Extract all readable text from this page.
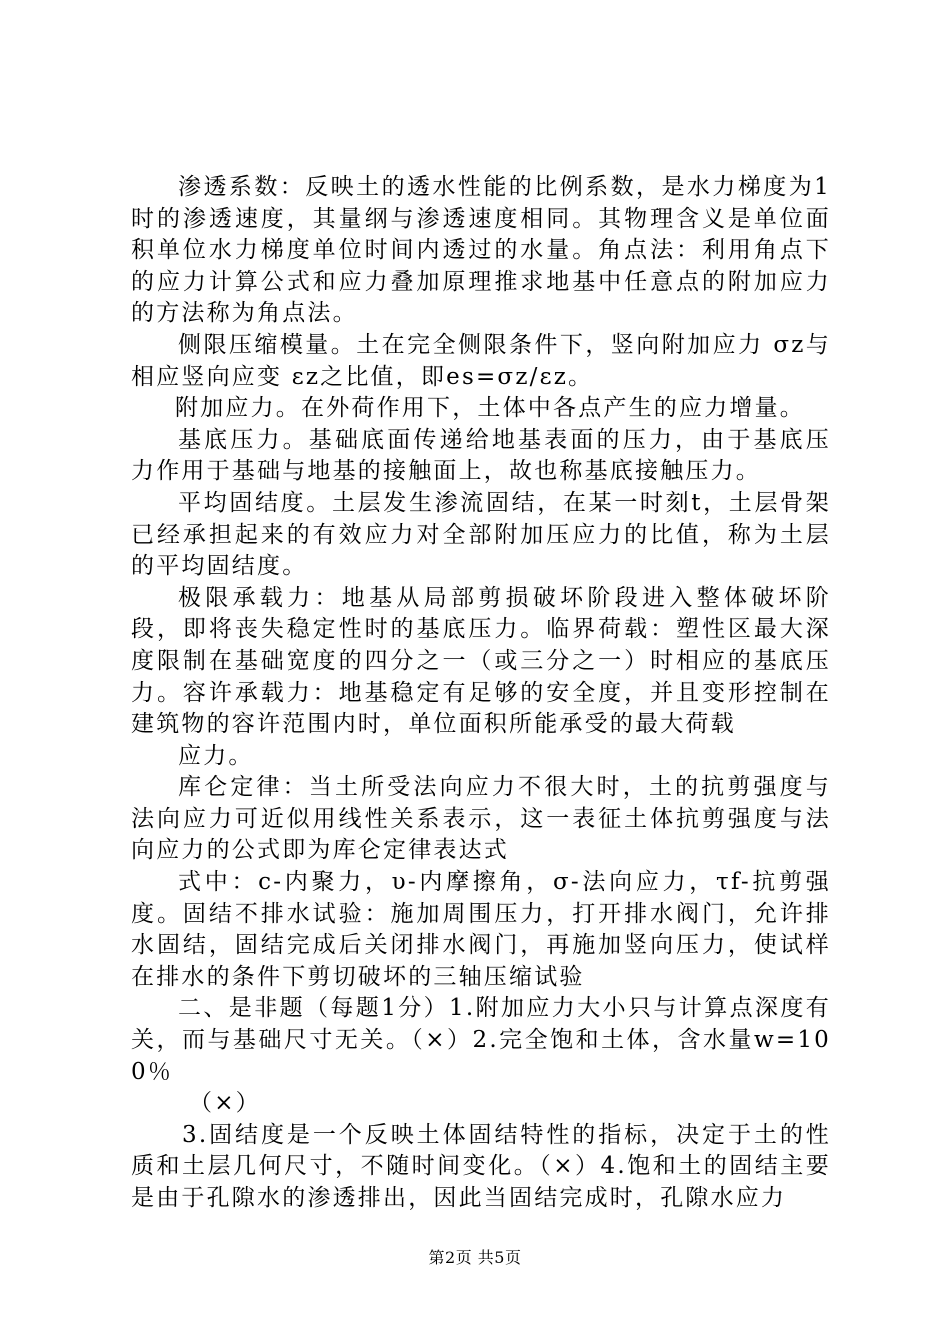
渗透系数：反映土的透水性能的比例系数，是水力梯度为1时的渗透速度，其量纲与渗透速度相同。其物理含义是单位面积单位水力梯度单位时间内透过的水量。角点法：利用角点下的应力计算公式和应力叠加原理推求地基中任意点的附加应力的方法称为角点法。

侧限压缩模量。土在完全侧限条件下，竖向附加应力 σz与相应竖向应变 εz之比值，即es=σz/εz。

附加应力。在外荷作用下，土体中各点产生的应力增量。

基底压力。基础底面传递给地基表面的压力，由于基底压力作用于基础与地基的接触面上，故也称基底接触压力。

平均固结度。土层发生渗流固结，在某一时刻t，土层骨架已经承担起来的有效应力对全部附加压应力的比值，称为土层的平均固结度。

极限承载力：地基从局部剪损破坏阶段进入整体破坏阶段，即将丧失稳定性时的基底压力。临界荷载：塑性区最大深度限制在基础宽度的四分之一（或三分之一）时相应的基底压力。容许承载力：地基稳定有足够的安全度，并且变形控制在建筑物的容许范围内时，单位面积所能承受的最大荷载

应力。

库仑定律：当土所受法向应力不很大时，土的抗剪强度与法向应力可近似用线性关系表示，这一表征土体抗剪强度与法向应力的公式即为库仑定律表达式

式中：c-内聚力，υ-内摩擦角，σ-法向应力，τf-抗剪强度。固结不排水试验：施加周围压力，打开排水阀门，允许排水固结，固结完成后关闭排水阀门，再施加竖向压力，使试样在排水的条件下剪切破坏的三轴压缩试验

二、是非题（每题1分）1.附加应力大小只与计算点深度有关，而与基础尺寸无关。（×）2.完全饱和土体，含水量w=100％

（×）

3.固结度是一个反映土体固结特性的指标，决定于土的性质和土层几何尺寸，不随时间变化。（×）4.饱和土的固结主要是由于孔隙水的渗透排出，因此当固结完成时，孔隙水应力

第2页 共5页
